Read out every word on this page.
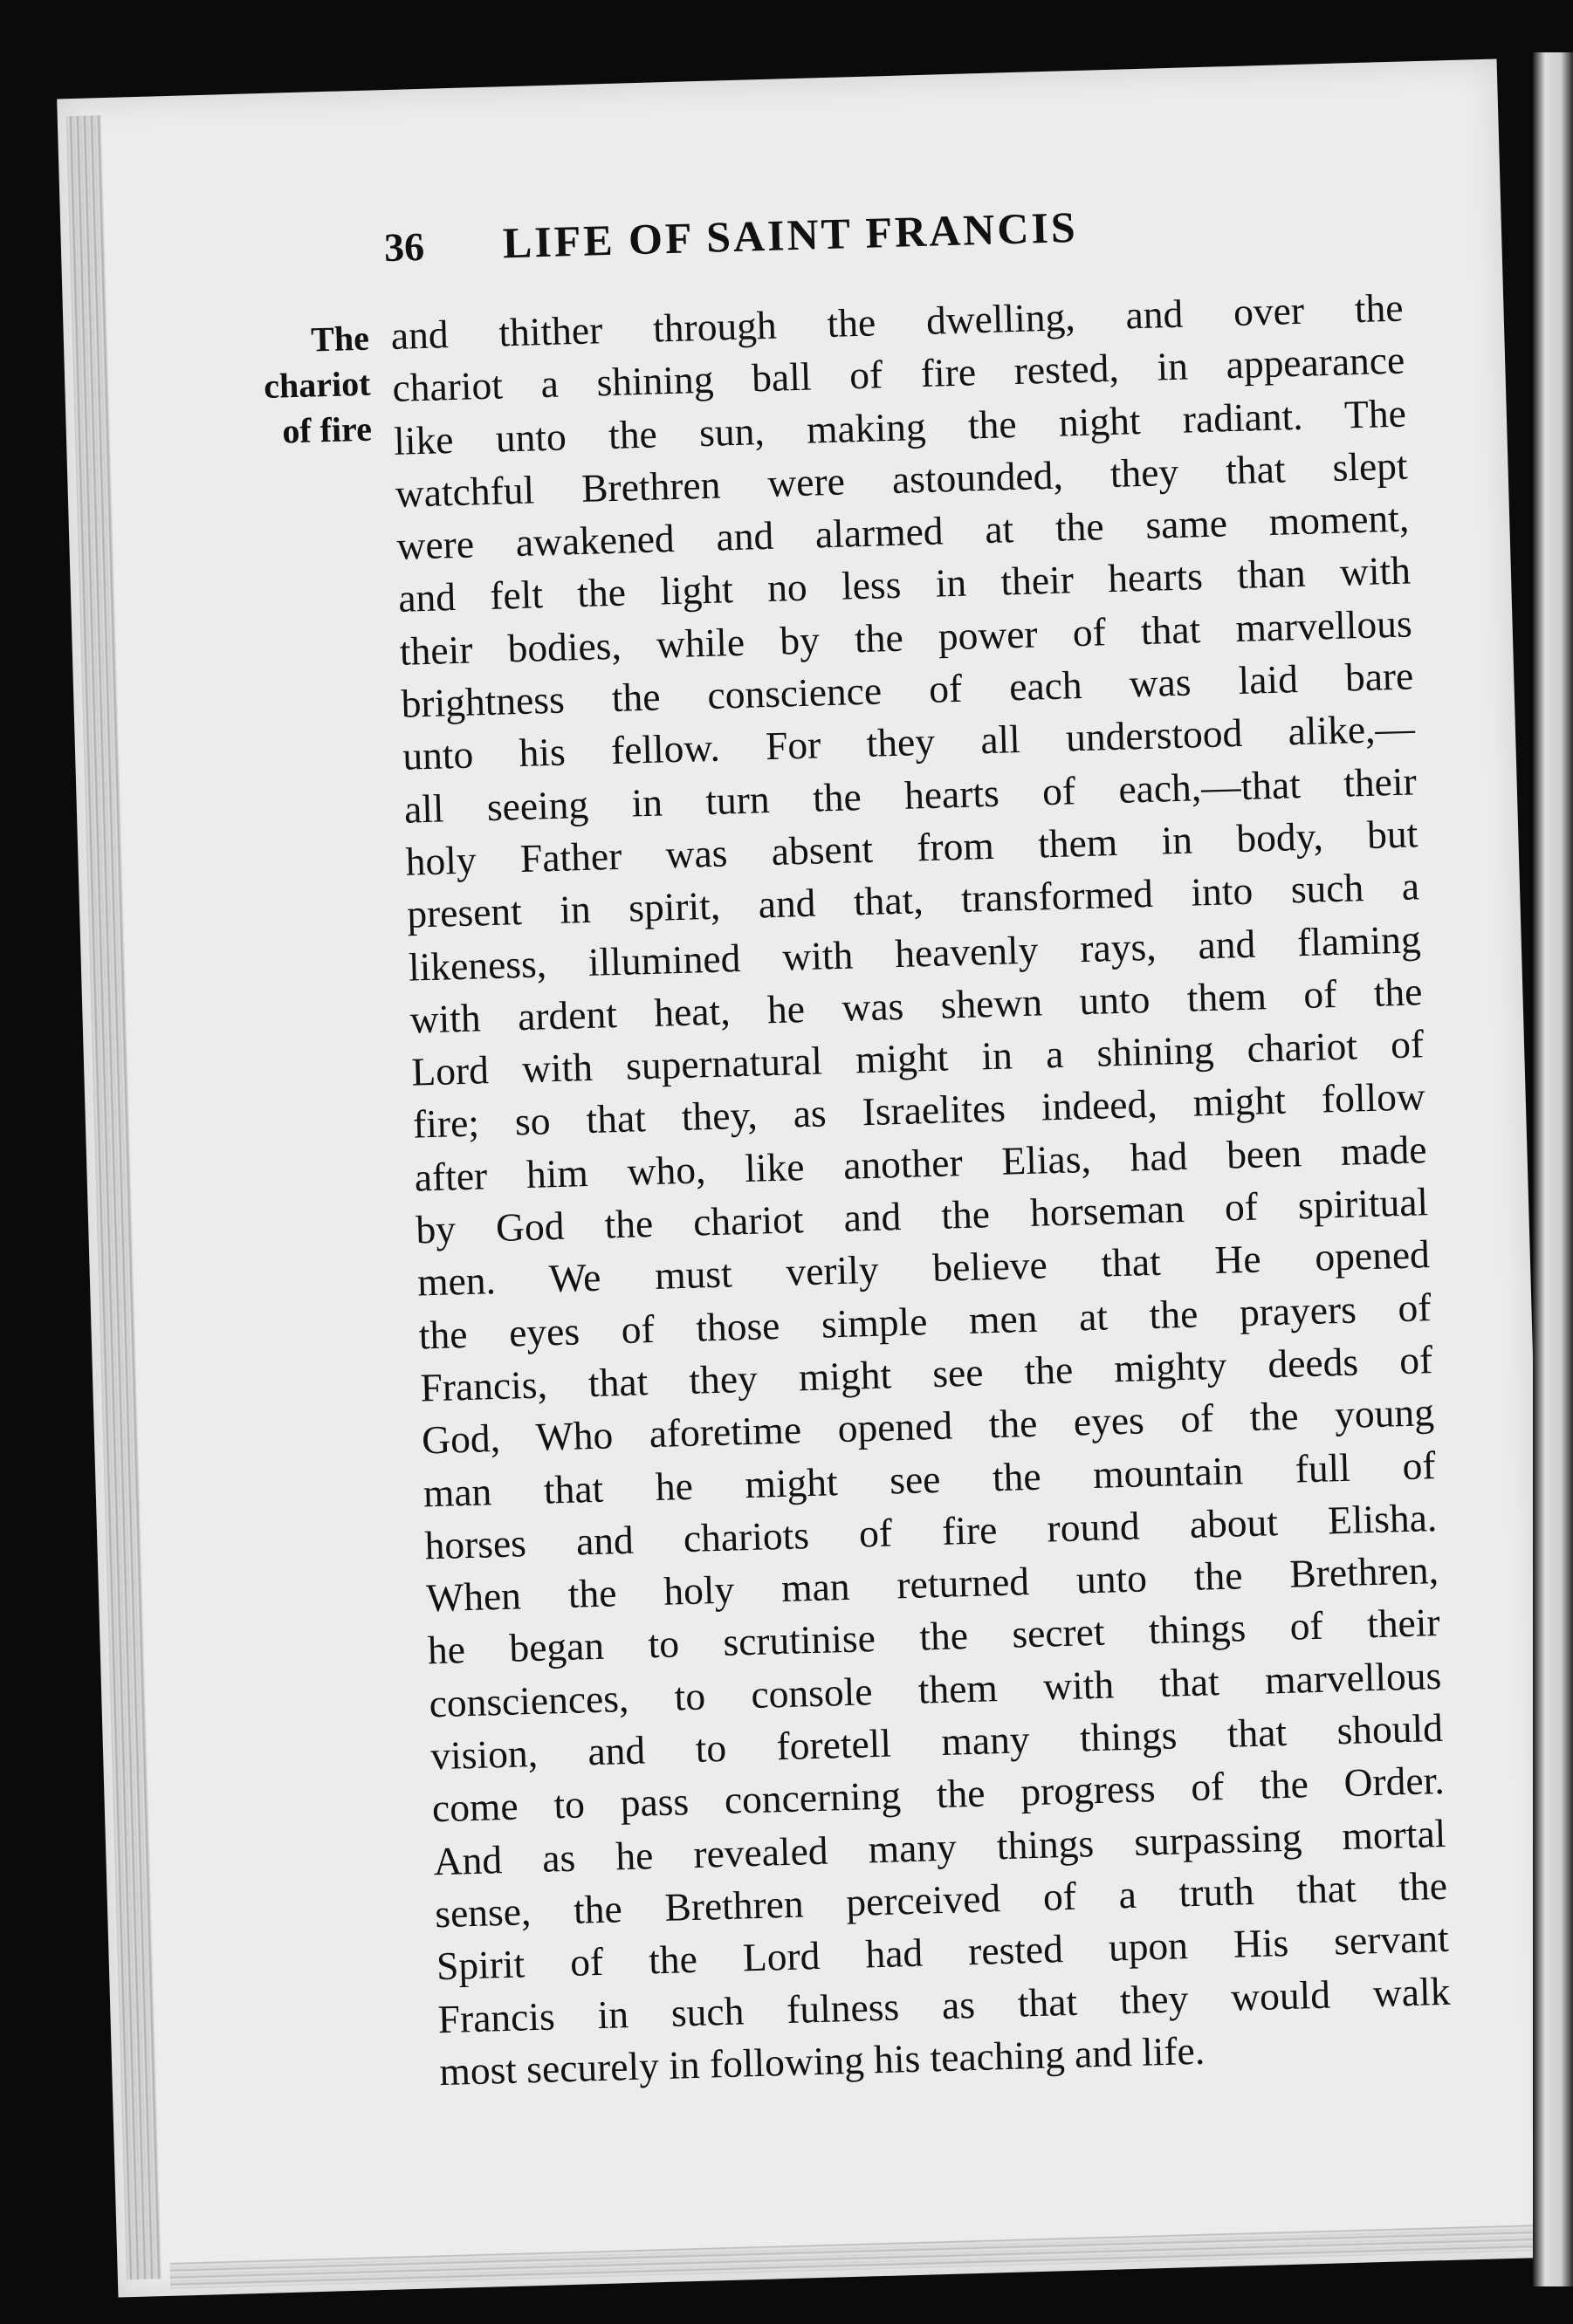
36 LIFE OF SAINT FRANCIS
The
chariot
of fire
and thither through the dwelling, and over the
chariot a shining ball of fire rested, in appearance
like unto the sun, making the night radiant. The
watchful Brethren were astounded, they that slept
were awakened and alarmed at the same moment,
and felt the light no less in their hearts than with
their bodies, while by the power of that marvellous
brightness the conscience of each was laid bare
unto his fellow. For they all understood alike,—
all seeing in turn the hearts of each,—that their
holy Father was absent from them in body, but
present in spirit, and that, transformed into such a
likeness, illumined with heavenly rays, and flaming
with ardent heat, he was shewn unto them of the
Lord with supernatural might in a shining chariot of
fire; so that they, as Israelites indeed, might follow
after him who, like another Elias, had been made
by God the chariot and the horseman of spiritual
men. We must verily believe that He opened
the eyes of those simple men at the prayers of
Francis, that they might see the mighty deeds of
God, Who aforetime opened the eyes of the young
man that he might see the mountain full of
horses and chariots of fire round about Elisha.
When the holy man returned unto the Brethren,
he began to scrutinise the secret things of their
consciences, to console them with that marvellous
vision, and to foretell many things that should
come to pass concerning the progress of the Order.
And as he revealed many things surpassing mortal
sense, the Brethren perceived of a truth that the
Spirit of the Lord had rested upon His servant
Francis in such fulness as that they would walk
most securely in following his teaching and life.
